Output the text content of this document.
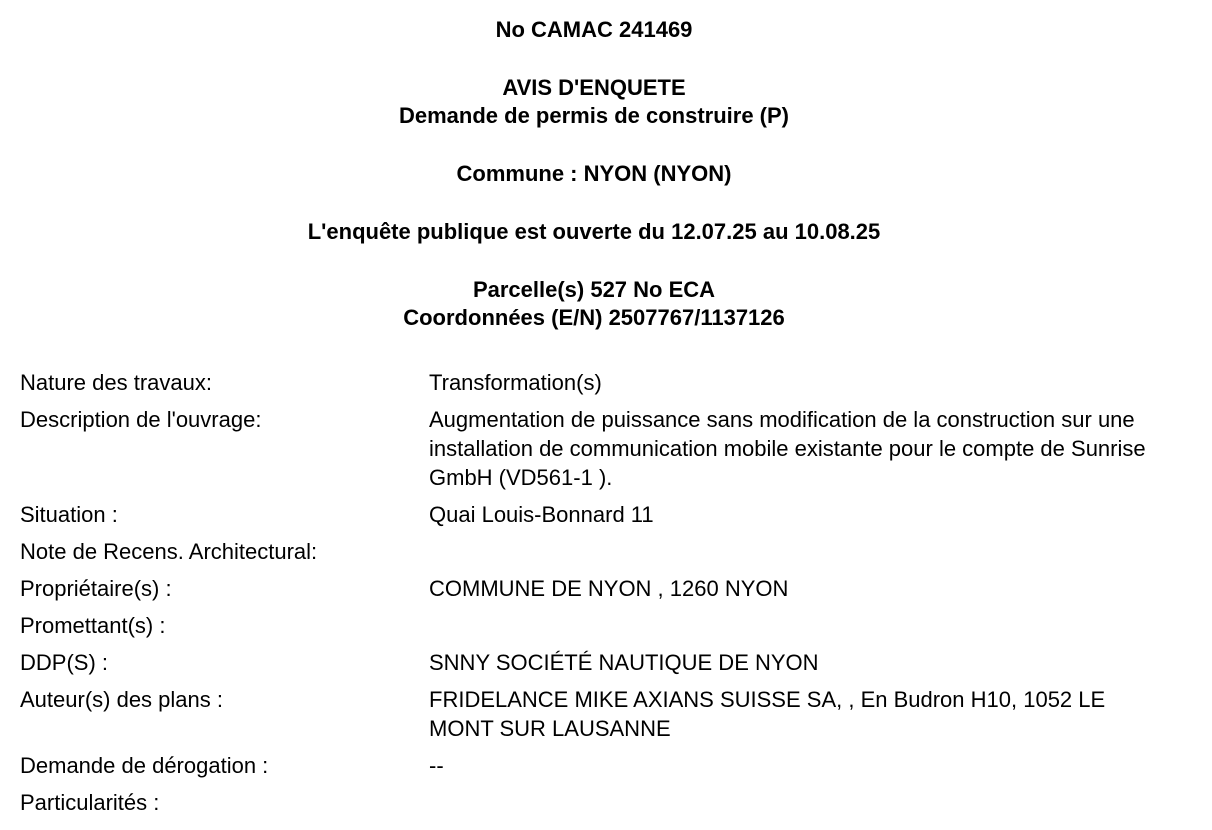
No CAMAC 241469
AVIS D'ENQUETE
Demande de permis de construire (P)
Commune : NYON (NYON)
L'enquête publique est ouverte du 12.07.25 au 10.08.25
Parcelle(s) 527 No ECA
Coordonnées (E/N) 2507767/1137126
Nature des travaux:	Transformation(s)
Description de l'ouvrage:	Augmentation de puissance sans modification de la construction sur une installation de communication mobile existante pour le compte de Sunrise GmbH (VD561-1 ).
Situation :	Quai Louis-Bonnard 11
Note de Recens. Architectural:
Propriétaire(s) :	COMMUNE DE NYON , 1260 NYON
Promettant(s) :
DDP(S) :	SNNY SOCIÉTÉ NAUTIQUE DE NYON
Auteur(s) des plans :	FRIDELANCE MIKE AXIANS SUISSE SA, , En Budron H10, 1052 LE MONT SUR LAUSANNE
Demande de dérogation :	--
Particularités :
